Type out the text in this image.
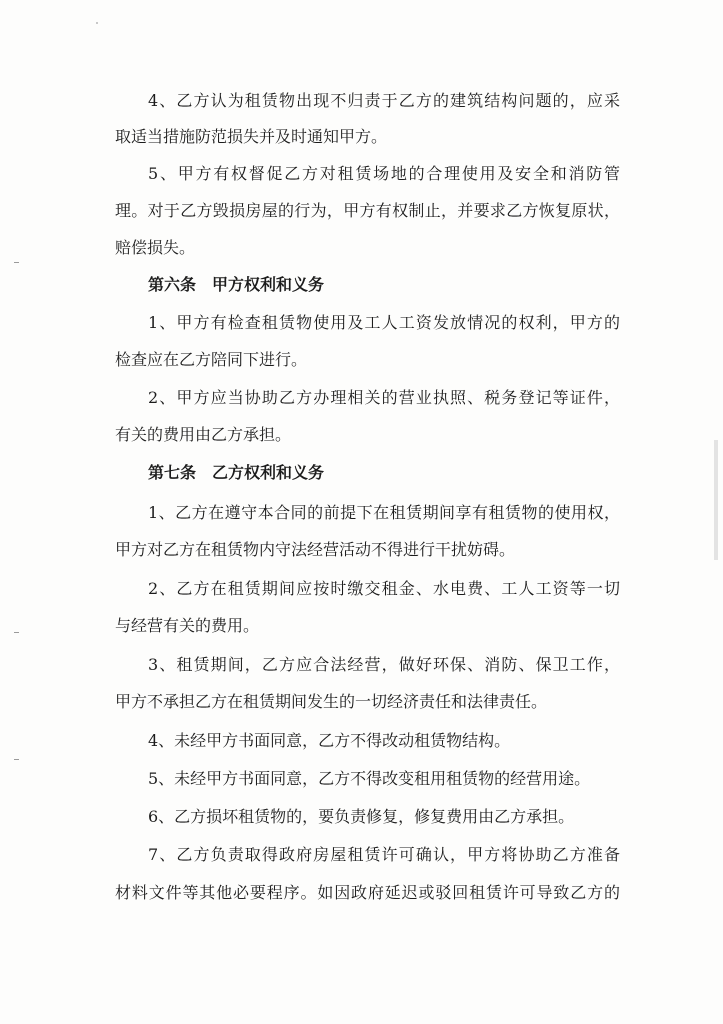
4、乙方认为租赁物出现不归责于乙方的建筑结构问题的，应采
取适当措施防范损失并及时通知甲方。
5、甲方有权督促乙方对租赁场地的合理使用及安全和消防管
理。对于乙方毁损房屋的行为，甲方有权制止，并要求乙方恢复原状，
赔偿损失。
第六条　甲方权利和义务
1、甲方有检查租赁物使用及工人工资发放情况的权利，甲方的
检查应在乙方陪同下进行。
2、甲方应当协助乙方办理相关的营业执照、税务登记等证件，
有关的费用由乙方承担。
第七条　乙方权利和义务
1、乙方在遵守本合同的前提下在租赁期间享有租赁物的使用权，
甲方对乙方在租赁物内守法经营活动不得进行干扰妨碍。
2、乙方在租赁期间应按时缴交租金、水电费、工人工资等一切
与经营有关的费用。
3、租赁期间，乙方应合法经营，做好环保、消防、保卫工作，
甲方不承担乙方在租赁期间发生的一切经济责任和法律责任。
4、未经甲方书面同意，乙方不得改动租赁物结构。
5、未经甲方书面同意，乙方不得改变租用租赁物的经营用途。
6、乙方损坏租赁物的，要负责修复，修复费用由乙方承担。
7、乙方负责取得政府房屋租赁许可确认，甲方将协助乙方准备
材料文件等其他必要程序。如因政府延迟或驳回租赁许可导致乙方的
